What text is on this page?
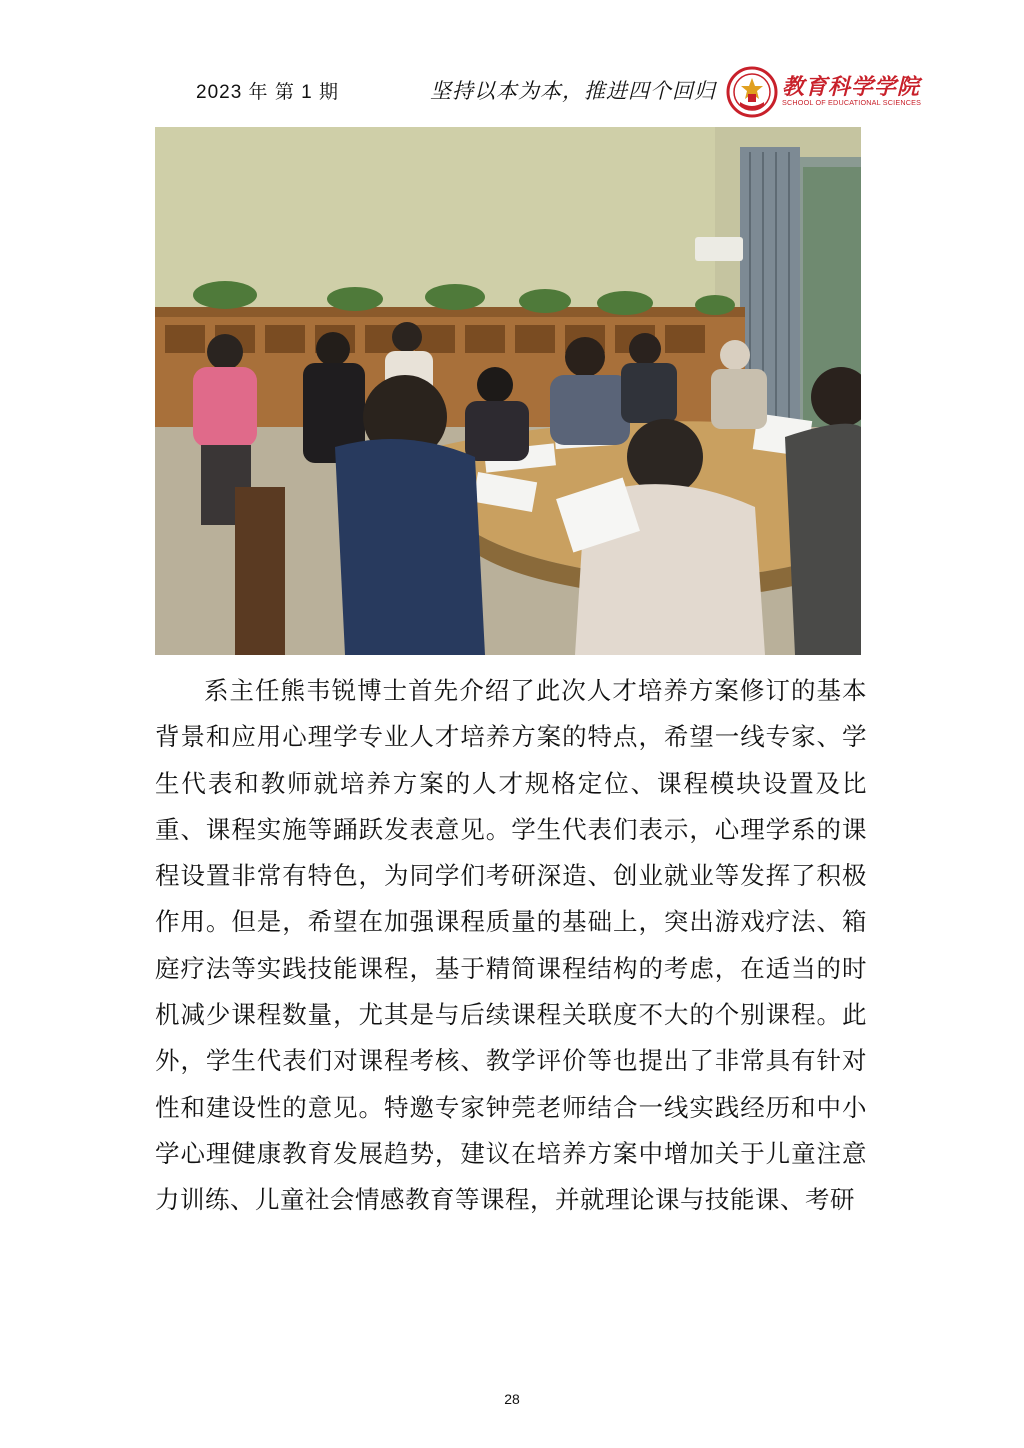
2023 年 第 1 期	坚持以本为本，推进四个回归	教育科学学院
SCHOOL OF EDUCATIONAL SCIENCES

系主任熊韦锐博士首先介绍了此次人才培养方案修订的基本背景和应用心理学专业人才培养方案的特点，希望一线专家、学生代表和教师就培养方案的人才规格定位、课程模块设置及比重、课程实施等踊跃发表意见。学生代表们表示，心理学系的课程设置非常有特色，为同学们考研深造、创业就业等发挥了积极作用。但是，希望在加强课程质量的基础上，突出游戏疗法、箱庭疗法等实践技能课程，基于精简课程结构的考虑，在适当的时机减少课程数量，尤其是与后续课程关联度不大的个别课程。此外，学生代表们对课程考核、教学评价等也提出了非常具有针对性和建设性的意见。特邀专家钟莞老师结合一线实践经历和中小学心理健康教育发展趋势，建议在培养方案中增加关于儿童注意力训练、儿童社会情感教育等课程，并就理论课与技能课、考研

28
